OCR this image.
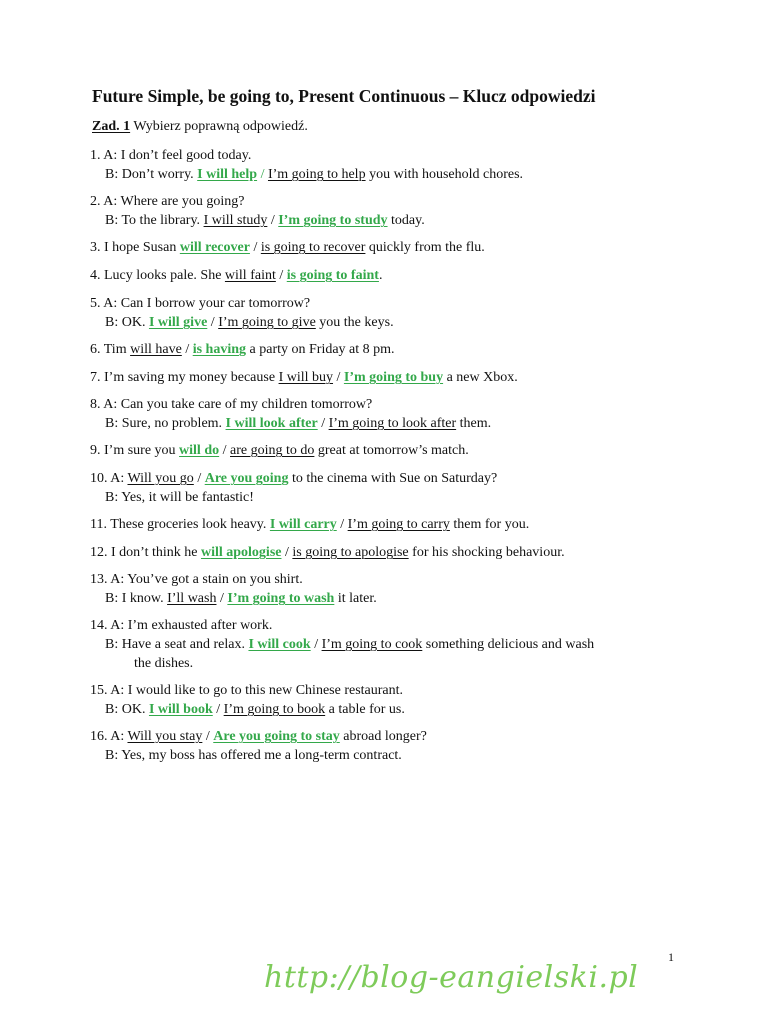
Future Simple, be going to, Present Continuous – Klucz odpowiedzi
Zad. 1 Wybierz poprawną odpowiedź.
1. A: I don’t feel good today.
B: Don’t worry. I will help / I’m going to help you with household chores.
2. A: Where are you going?
B: To the library. I will study / I’m going to study today.
3. I hope Susan will recover / is going to recover quickly from the flu.
4. Lucy looks pale. She will faint / is going to faint.
5. A: Can I borrow your car tomorrow?
B: OK. I will give / I’m going to give you the keys.
6. Tim will have / is having a party on Friday at 8 pm.
7. I’m saving my money because I will buy / I’m going to buy a new Xbox.
8. A: Can you take care of my children tomorrow?
B: Sure, no problem. I will look after / I’m going to look after them.
9. I’m sure you will do / are going to do great at tomorrow’s match.
10. A: Will you go / Are you going to the cinema with Sue on Saturday?
B: Yes, it will be fantastic!
11. These groceries look heavy. I will carry / I’m going to carry them for you.
12. I don’t think he will apologise / is going to apologise for his shocking behaviour.
13. A: You’ve got a stain on you shirt.
B: I know. I’ll wash / I’m going to wash it later.
14. A: I’m exhausted after work.
B: Have a seat and relax. I will cook / I’m going to cook something delicious and wash
the dishes.
15. A: I would like to go to this new Chinese restaurant.
B: OK. I will book / I’m going to book a table for us.
16. A: Will you stay / Are you going to stay abroad longer?
B: Yes, my boss has offered me a long-term contract.
1
http://blog-eangielski.pl
